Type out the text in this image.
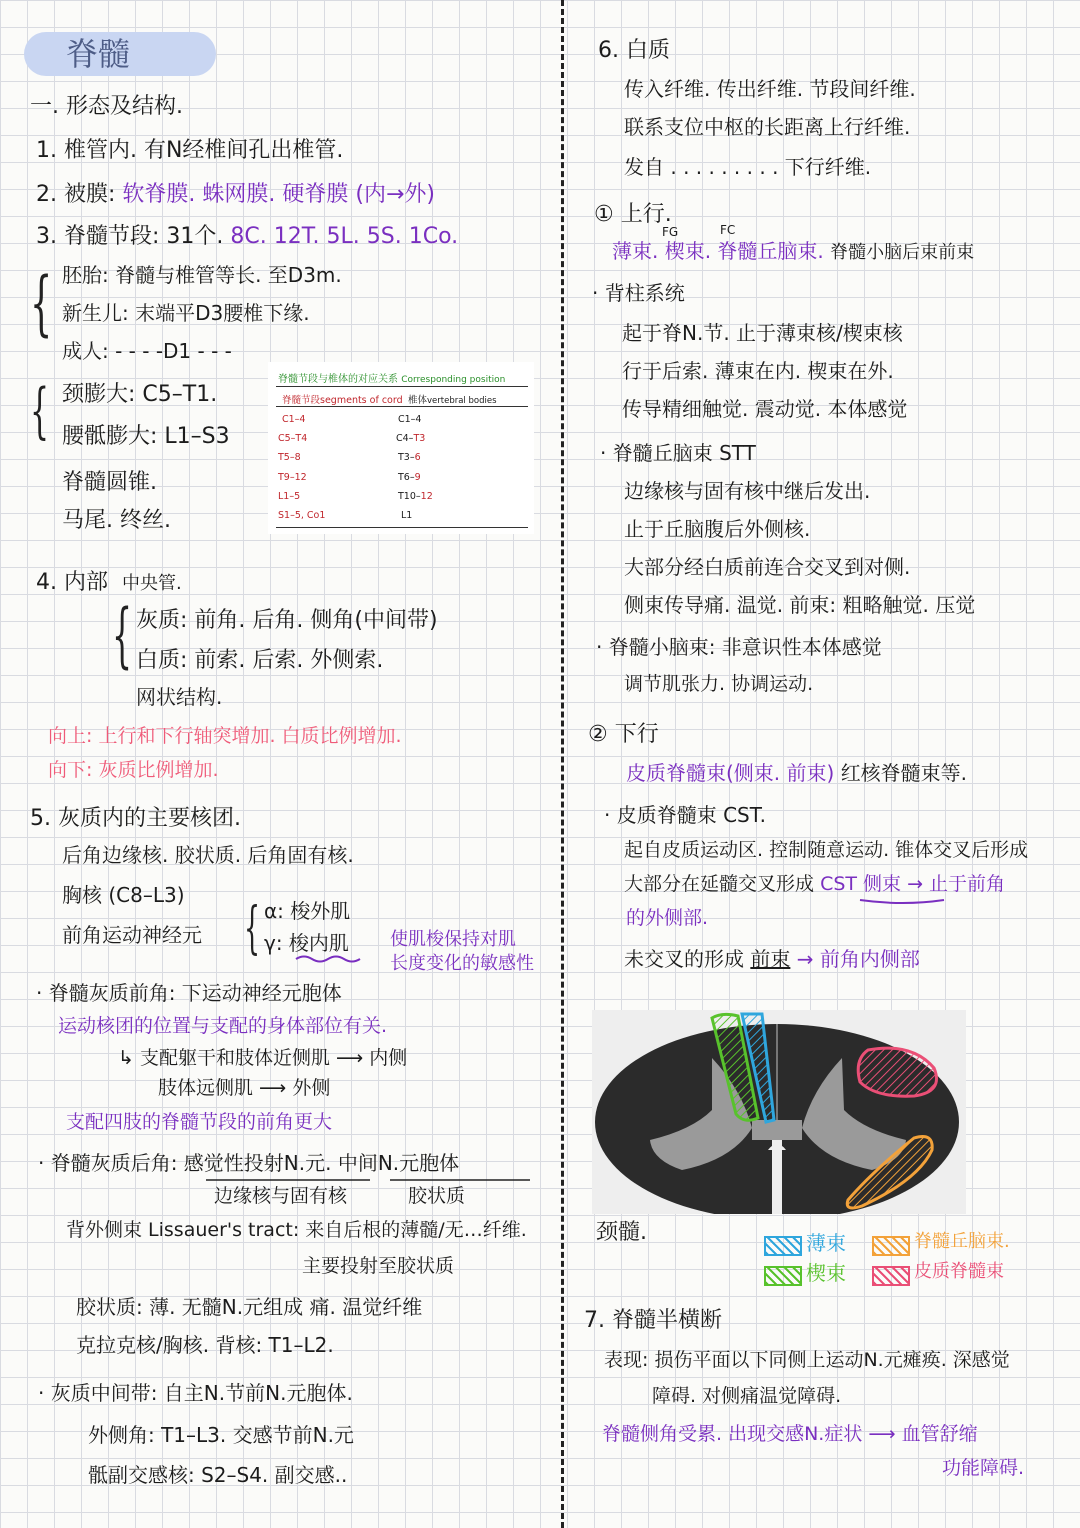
脊髓
一. 形态及结构.
1. 椎管内. 有N经椎间孔出椎管.
2. 被膜: 软脊膜. 蛛网膜. 硬脊膜 (内→外)
3. 脊髓节段: 31个. 8C. 12T. 5L. 5S. 1Co.
{ 胚胎: 脊髓与椎管等长. 至D3m.
新生儿: 末端平D3腰椎下缘.
成人: - - - -D1 - - -
{ 颈膨大: C5–T1.
腰骶膨大: L1–S3
脊髓圆锥.
马尾. 终丝.
脊髓节段与椎体的对应关系 Corresponding position
脊髓节段segments of cord 椎体vertebral bodies
C1–4	C1–4
C5–T4	C4–T3
T5–8	T3–6
T9–12	T6–9
L1–5	T10–12
S1–5, Co1	L1
4. 内部 中央管.
{ 灰质: 前角. 后角. 侧角(中间带)
白质: 前索. 后索. 外侧索.
网状结构.
向上: 上行和下行轴突增加. 白质比例增加.
向下: 灰质比例增加.
5. 灰质内的主要核团.
后角边缘核. 胶状质. 后角固有核.
胸核 (C8–L3)
前角运动神经元 { α: 梭外肌
γ: 梭内肌 使肌梭保持对肌
长度变化的敏感性
· 脊髓灰质前角: 下运动神经元胞体
运动核团的位置与支配的身体部位有关.
↳ 支配躯干和肢体近侧肌 ⟶ 内侧
肢体远侧肌 ⟶ 外侧
支配四肢的脊髓节段的前角更大
· 脊髓灰质后角: 感觉性投射N.元. 中间N.元胞体
边缘核与固有核	胶状质
背外侧束 Lissauer's tract: 来自后根的薄髓/无…纤维.
主要投射至胶状质
胶状质: 薄. 无髓N.元组成 痛. 温觉纤维
克拉克核/胸核. 背核: T1–L2.
· 灰质中间带: 自主N.节前N.元胞体.
外侧角: T1–L3. 交感节前N.元
骶副交感核: S2–S4. 副交感..
6. 白质
传入纤维. 传出纤维. 节段间纤维.
联系支位中枢的长距离上行纤维.
发自 . . . . . . . . . 下行纤维.
① 上行.
FG	FC
薄束. 楔束. 脊髓丘脑束. 脊髓小脑后束前束
· 背柱系统
起于脊N.节. 止于薄束核/楔束核
行于后索. 薄束在内. 楔束在外.
传导精细触觉. 震动觉. 本体感觉
· 脊髓丘脑束 STT
边缘核与固有核中继后发出.
止于丘脑腹后外侧核.
大部分经白质前连合交叉到对侧.
侧束传导痛. 温觉. 前束: 粗略触觉. 压觉
· 脊髓小脑束: 非意识性本体感觉
调节肌张力. 协调运动.
② 下行
皮质脊髓束(侧束. 前束) 红核脊髓束等.
· 皮质脊髓束 CST.
起自皮质运动区. 控制随意运动. 锥体交叉后形成
大部分在延髓交叉形成 CST 侧束 → 止于前角
的外侧部.
未交叉的形成 前束 → 前角内侧部
颈髓.	薄束	脊髓丘脑束.
楔束	皮质脊髓束
7. 脊髓半横断
表现: 损伤平面以下同侧上运动N.元瘫痪. 深感觉
障碍. 对侧痛温觉障碍.
脊髓侧角受累. 出现交感N.症状 ⟶ 血管舒缩
功能障碍.
